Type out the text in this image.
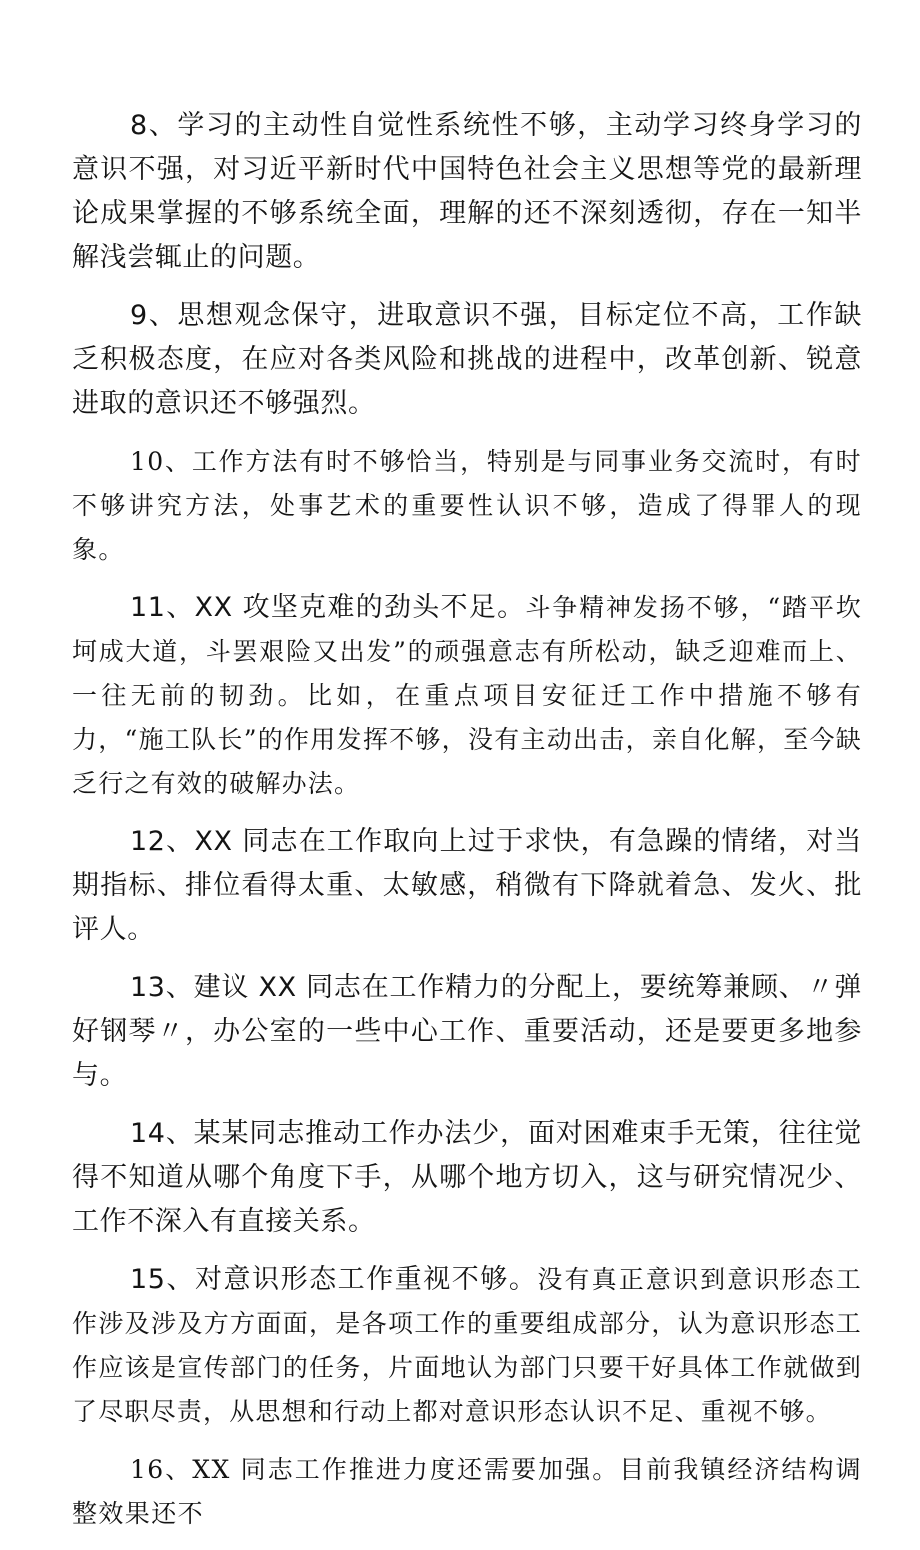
8、学习的主动性自觉性系统性不够，主动学习终身学习的意识不强，对习近平新时代中国特色社会主义思想等党的最新理论成果掌握的不够系统全面，理解的还不深刻透彻，存在一知半解浅尝辄止的问题。

9、思想观念保守，进取意识不强，目标定位不高，工作缺乏积极态度，在应对各类风险和挑战的进程中，改革创新、锐意进取的意识还不够强烈。

10、工作方法有时不够恰当，特别是与同事业务交流时，有时不够讲究方法，处事艺术的重要性认识不够，造成了得罪人的现象。

11、XX 攻坚克难的劲头不足。斗争精神发扬不够，“踏平坎坷成大道，斗罢艰险又出发”的顽强意志有所松动，缺乏迎难而上、一往无前的韧劲。比如，在重点项目安征迁工作中措施不够有力，“施工队长”的作用发挥不够，没有主动出击，亲自化解，至今缺乏行之有效的破解办法。

12、XX 同志在工作取向上过于求快，有急躁的情绪，对当期指标、排位看得太重、太敏感，稍微有下降就着急、发火、批评人。

13、建议 XX 同志在工作精力的分配上，要统筹兼顾、〃弹好钢琴〃，办公室的一些中心工作、重要活动，还是要更多地参与。

14、某某同志推动工作办法少，面对困难束手无策，往往觉得不知道从哪个角度下手，从哪个地方切入，这与研究情况少、工作不深入有直接关系。

15、对意识形态工作重视不够。没有真正意识到意识形态工作涉及涉及方方面面，是各项工作的重要组成部分，认为意识形态工作应该是宣传部门的任务，片面地认为部门只要干好具体工作就做到了尽职尽责，从思想和行动上都对意识形态认识不足、重视不够。

16、XX 同志工作推进力度还需要加强。目前我镇经济结构调整效果还不
